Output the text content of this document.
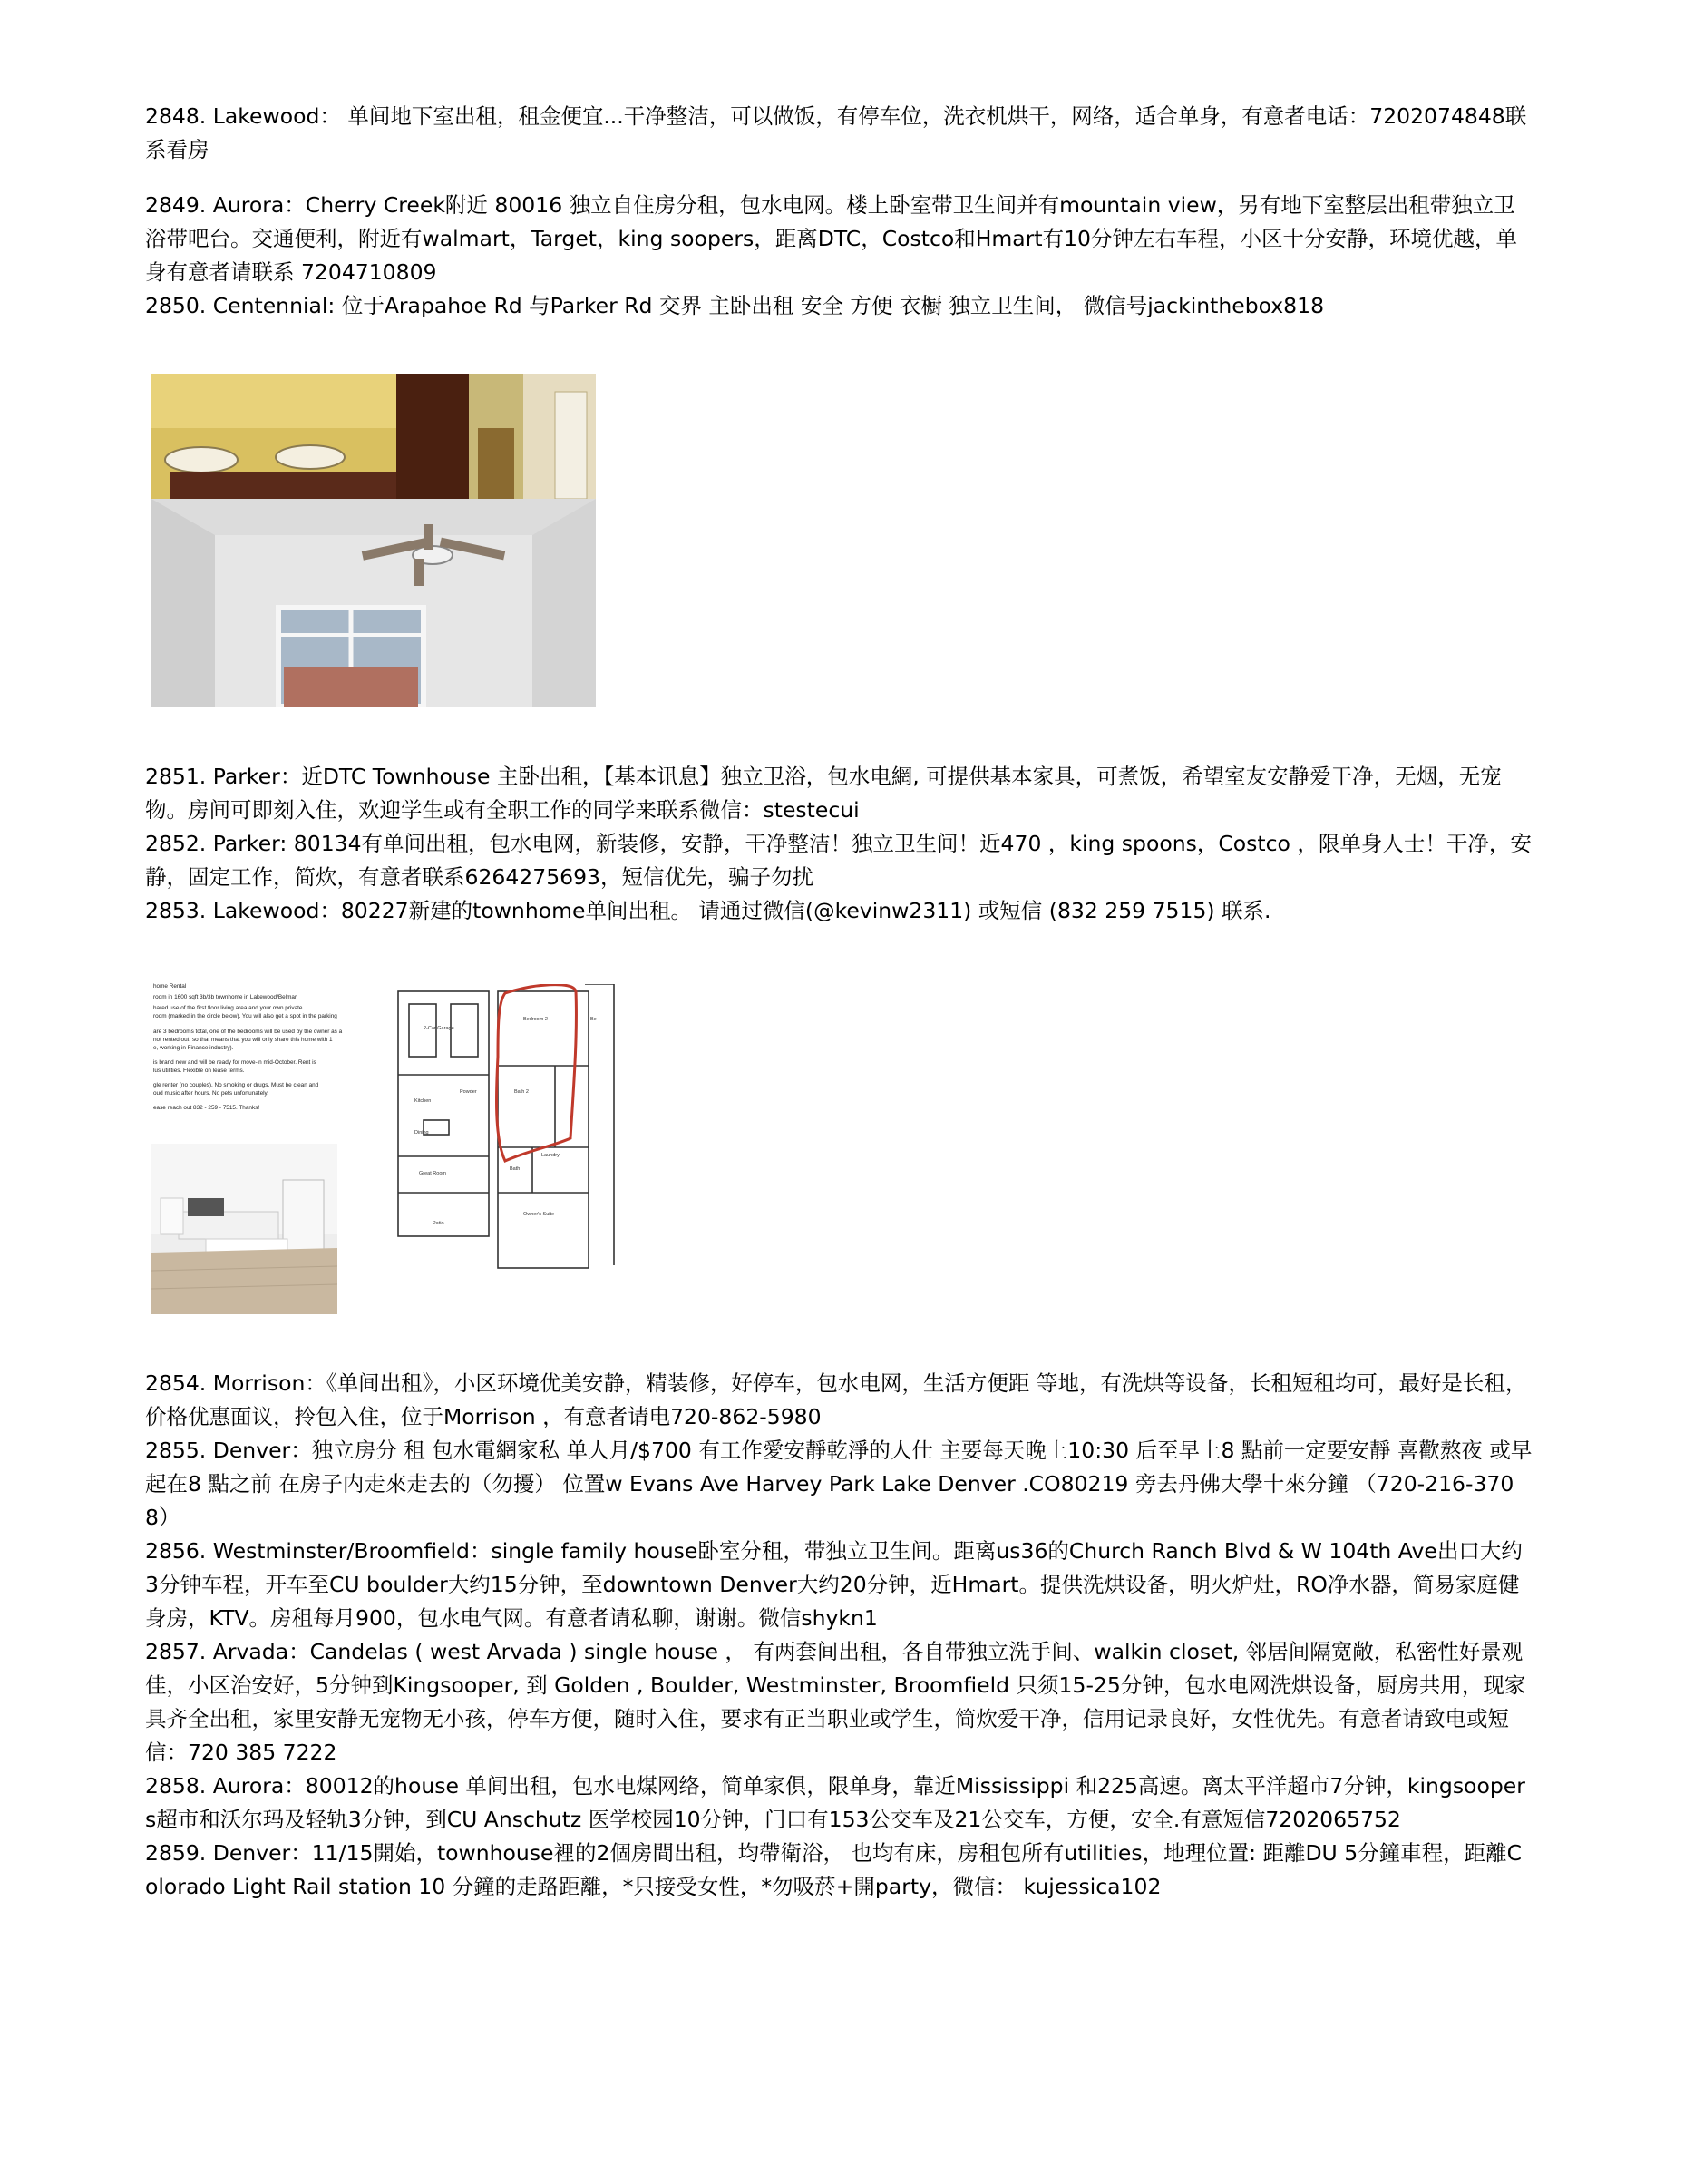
2848. Lakewood： 单间地下室出租，租金便宜...干净整洁，可以做饭，有停车位，洗衣机烘干，网络，适合单身，有意者电话：7202074848联系看房

2849. Aurora：Cherry Creek附近 80016 独立自住房分租，包水电网。楼上卧室带卫生间并有mountain view，另有地下室整层出租带独立卫浴带吧台。交通便利，附近有walmart，Target，king soopers，距离DTC，Costco和Hmart有10分钟左右车程，小区十分安静，环境优越，单身有意者请联系 7204710809

2850. Centennial: 位于Arapahoe Rd 与Parker Rd 交界 主卧出租 安全 方便 衣橱 独立卫生间， 微信号jackinthebox818

2851. Parker：近DTC Townhouse 主卧出租，【基本讯息】独立卫浴，包水电網, 可提供基本家具，可煮饭，希望室友安静爱干净，无烟，无宠物。房间可即刻入住，欢迎学生或有全职工作的同学来联系微信：stestecui

2852. Parker: 80134有单间出租，包水电网，新装修，安静，干净整洁！独立卫生间！近470 ，king spoons，Costco ，限单身人士！干净，安静，固定工作，简炊，有意者联系6264275693，短信优先，骗子勿扰

2853. Lakewood：80227新建的townhome单间出租。 请通过微信(@kevinw2311) 或短信 (832 259 7515) 联系.

home Rental
room in 1600 sqft 3b/3b townhome in Lakewood/Belmar.
hared use of the first floor living area and your own private
room (marked in the circle below). You will also get a spot in the parking
are 3 bedrooms total, one of the bedrooms will be used by the owner as a
not rented out, so that means that you will only share this home with 1
e, working in Finance industry).
is brand new and will be ready for move-in mid-October. Rent is
lus utilities. Flexible on lease terms.
gle renter (no couples). No smoking or drugs. Must be clean and
oud music after hours. No pets unfortunately.
ease reach out 832 - 259 - 7515. Thanks!
2-Car Garage
Bedroom 2	Be
Powder
Kitchen
Bath 2
Laundry
Dining
Bath
Great Room
Owner's Suite
Patio

2854. Morrison：《单间出租》，小区环境优美安静，精装修，好停车，包水电网，生活方便距 等地，有洗烘等设备，长租短租均可，最好是长租，价格优惠面议，拎包入住，位于Morrison ，有意者请电720-862-5980

2855. Denver：独立房分 租 包水電網家私 单人月/$700 有工作愛安靜乾淨的人仕 主要每天晚上10:30 后至早上8 點前一定要安靜 喜歡熬夜 或早起在8 點之前 在房子内走來走去的（勿擾） 位置w Evans Ave Harvey Park Lake Denver .CO80219 旁去丹佛大學十來分鐘 （720-216-3708）

2856. Westminster/Broomfield：single family house卧室分租，带独立卫生间。距离us36的Church Ranch Blvd & W 104th Ave出口大约3分钟车程，开车至CU boulder大约15分钟，至downtown Denver大约20分钟，近Hmart。提供洗烘设备，明火炉灶，RO净水器，简易家庭健身房，KTV。房租每月900，包水电气网。有意者请私聊，谢谢。微信shykn1

2857. Arvada：Candelas ( west Arvada ) single house ， 有两套间出租，各自带独立洗手间、walkin closet, 邻居间隔宽敞，私密性好景观佳，小区治安好，5分钟到Kingsooper, 到 Golden , Boulder, Westminster, Broomfield 只须15-25分钟，包水电网洗烘设备，厨房共用，现家具齐全出租，家里安静无宠物无小孩，停车方便，随时入住，要求有正当职业或学生，简炊爱干净，信用记录良好，女性优先。有意者请致电或短信：720 385 7222

2858. Aurora：80012的house 单间出租，包水电煤网络，简单家俱，限单身，靠近Mississippi 和225高速。离太平洋超市7分钟，kingsoopers超市和沃尔玛及轻轨3分钟，到CU Anschutz 医学校园10分钟，门口有153公交车及21公交车，方便，安全.有意短信7202065752

2859. Denver：11/15開始，townhouse裡的2個房間出租，均帶衛浴， 也均有床，房租包所有utilities，地理位置: 距離DU 5分鐘車程，距離Colorado Light Rail station 10 分鐘的走路距離，*只接受女性，*勿吸菸+開party，微信： kujessica102
